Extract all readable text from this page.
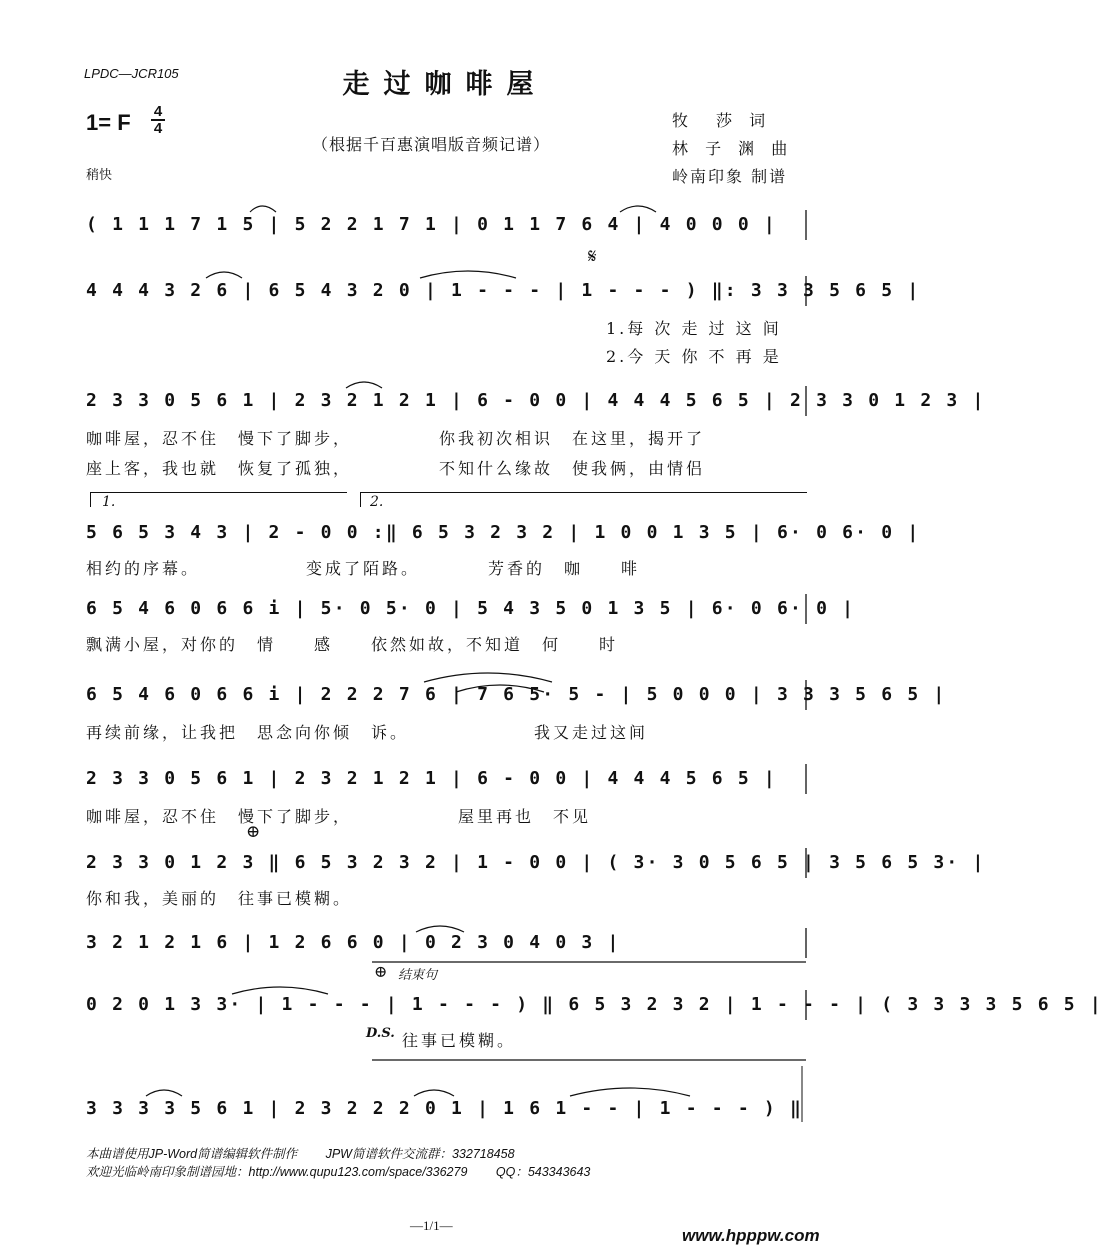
LPDC—JCR105	走过咖啡屋
1= F 4
4
（根据千百惠演唱版音频记谱）
稍快
牧　莎 词
林 子 渊 曲
岭南印象 制谱
( 1 1 1 7 1 5 | 5 2 2 1 7 1 | 0 1 1 7 6 4 | 4 0 0 0 |
4 4 4 3 2 6 | 6 5 4 3 2 0 | 1 - - - | 1 - - - ) ‖: 3 3 3 5 6 5 |
𝄋
1.每 次 走 过 这 间
2.今 天 你 不 再 是
2 3 3 0 5 6 1 | 2 3 2 1 2 1 | 6 - 0 0 | 4 4 4 5 6 5 | 2 3 3 0 1 2 3 |
咖啡屋，忍不住　慢下了脚步，　　　　　你我初次相识　在这里，揭开了
座上客，我也就　恢复了孤独，　　　　　不知什么缘故　使我俩，由情侣
1.	2.
5 6 5 3 4 3 | 2 - 0 0 :‖ 6 5 3 2 3 2 | 1 0 0 1 3 5 | 6· 0 6· 0 |
相约的序幕。　　　　　　变成了陌路。　　　　芳香的　咖　　啡
6 5 4 6 0 6 6 i | 5· 0 5· 0 | 5 4 3 5 0 1 3 5 | 6· 0 6· 0 |
飘满小屋，对你的　情　　感　　依然如故，不知道　何　　时
6 5 4 6 0 6 6 i | 2 2 2 7 6 | 7 6 5· 5 - | 5 0 0 0 | 3 3 3 5 6 5 |
再续前缘，让我把　思念向你倾　诉。　　　　　　　我又走过这间
2 3 3 0 5 6 1 | 2 3 2 1 2 1 | 6 - 0 0 | 4 4 4 5 6 5 |
咖啡屋，忍不住　慢下了脚步，　　　　　　屋里再也　不见
⊕
2 3 3 0 1 2 3 ‖ 6 5 3 2 3 2 | 1 - 0 0 | ( 3· 3 0 5 6 5 | 3 5 6 5 3· |
你和我，美丽的　往事已模糊。
3 2 1 2 1 6 | 1 2 6 6 0 | 0 2 3 0 4 0 3 |
⊕ 结束句
0 2 0 1 3 3· | 1 - - - | 1 - - - ) ‖ 6 5 3 2 3 2 | 1 - - - | ( 3 3 3 3 5 6 5 |
D.S. 往事已模糊。
3 3 3 3 5 6 1 | 2 3 2 2 2 0 1 | 1 6 1 - - | 1 - - - ) ‖
本曲谱使用JP-Word简谱编辑软件制作　　 JPW简谱软件交流群：332718458
欢迎光临岭南印象制谱园地：http://www.qupu123.com/space/336279　　 QQ：543343643
—1/1—
www.hpppw.com
